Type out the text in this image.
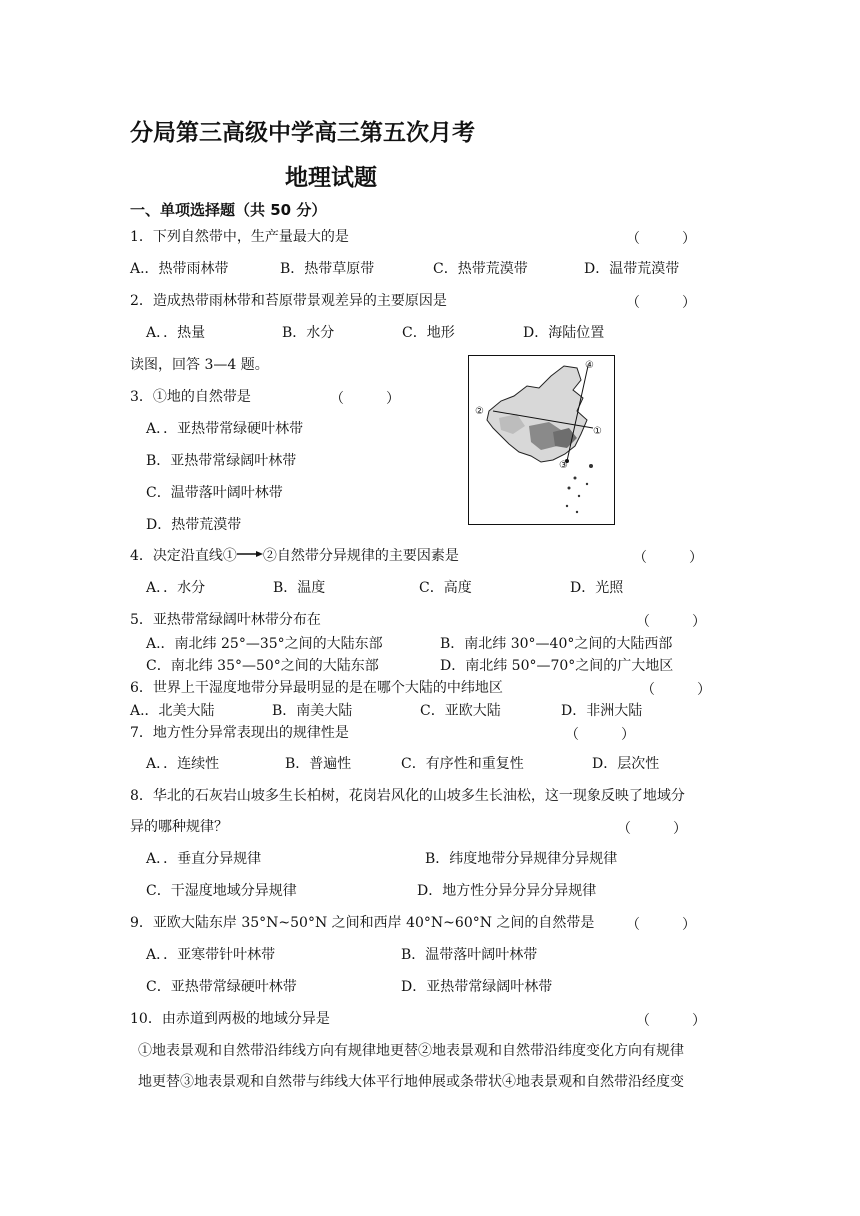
分局第三高级中学高三第五次月考
地理试题
一、单项选择题（共 50 分）
1．下列自然带中，生产量最大的是	（　　　）
A.．热带雨林带	B．热带草原带	C．热带荒漠带	D．温带荒漠带
2．造成热带雨林带和苔原带景观差异的主要原因是	（　　　）
A．．热量	B．水分	C．地形	D．海陆位置
读图，回答 3—4 题。
3．①地的自然带是	（　　　）
A．．亚热带常绿硬叶林带
B．亚热带常绿阔叶林带
C．温带落叶阔叶林带
D．热带荒漠带
②
①
③
④
4．决定沿直线① ②自然带分异规律的主要因素是	（　　　）
A．．水分	B．温度	C．高度	D．光照
5．亚热带常绿阔叶林带分布在	（　　　）
A.．南北纬 25°—35°之间的大陆东部	B．南北纬 30°—40°之间的大陆西部
C．南北纬 35°—50°之间的大陆东部	D．南北纬 50°—70°之间的广大地区
6．世界上干湿度地带分异最明显的是在哪个大陆的中纬地区	（　　　）
A.．北美大陆	B．南美大陆	C．亚欧大陆	D．非洲大陆
7．地方性分异常表现出的规律性是	（　　　）
A．．连续性	B．普遍性	C．有序性和重复性	D．层次性
8．华北的石灰岩山坡多生长柏树，花岗岩风化的山坡多生长油松，这一现象反映了地域分
异的哪种规律？	（　　　）
A．．垂直分异规律	B．纬度地带分异规律分异规律
C．干湿度地域分异规律	D．地方性分异分异分异规律
9．亚欧大陆东岸 35°N~50°N 之间和西岸 40°N~60°N 之间的自然带是 （　　　）
A．．亚寒带针叶林带	B．温带落叶阔叶林带
C．亚热带常绿硬叶林带	D．亚热带常绿阔叶林带
10．由赤道到两极的地域分异是	（　　　）
①地表景观和自然带沿纬线方向有规律地更替②地表景观和自然带沿纬度变化方向有规律
地更替③地表景观和自然带与纬线大体平行地伸展或条带状④地表景观和自然带沿经度变
